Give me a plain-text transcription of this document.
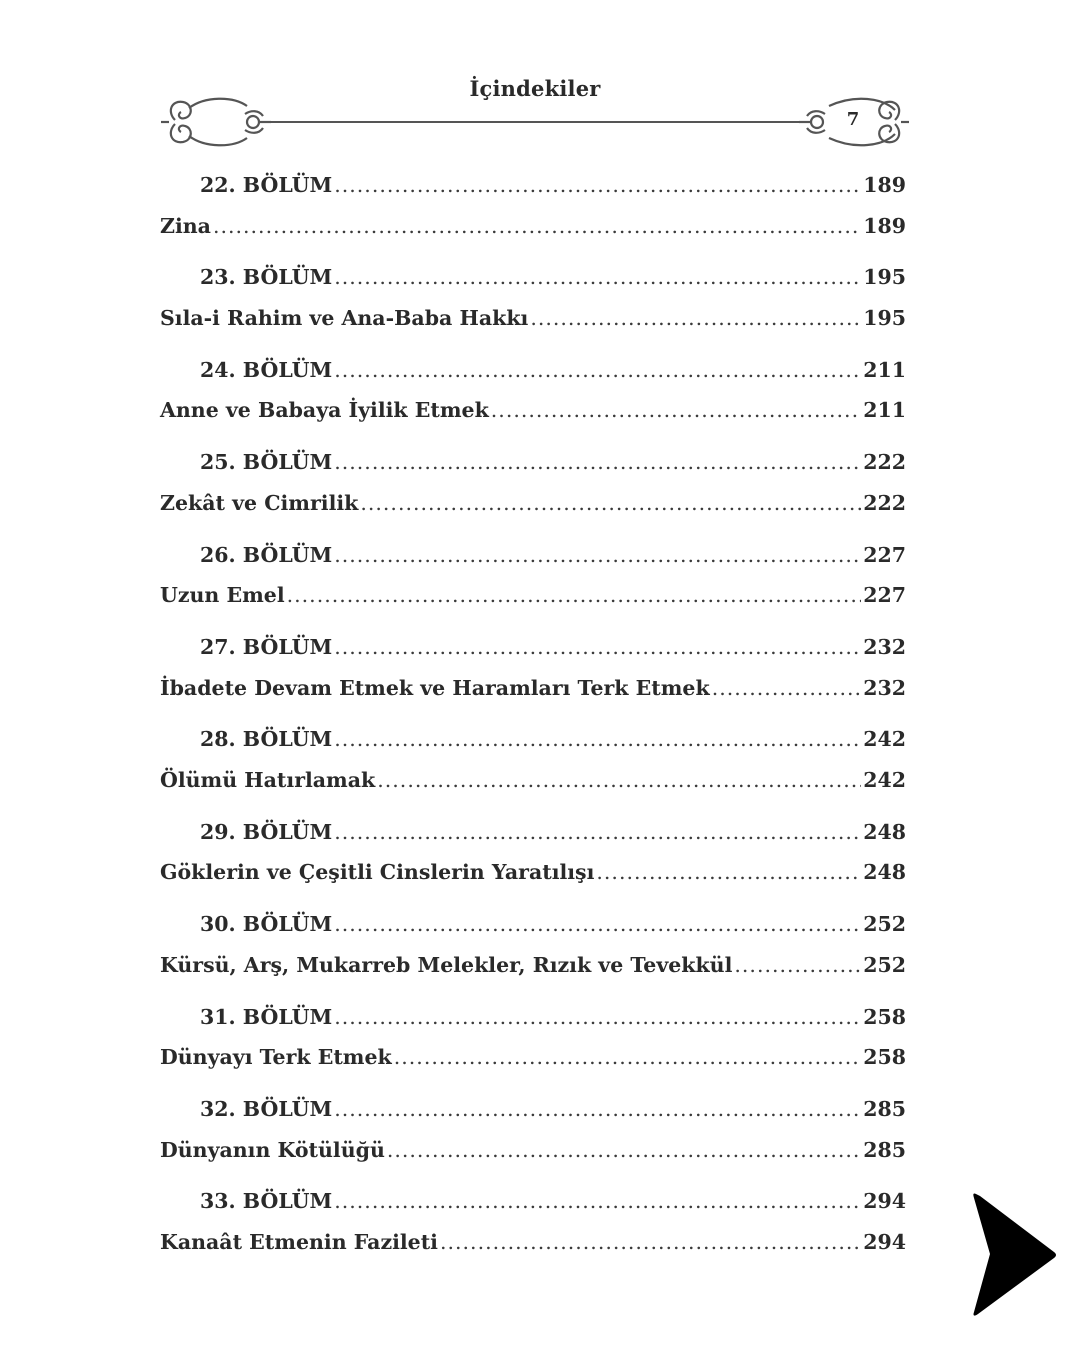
İçindekiler
7
22. BÖLÜM .....	189
Zina .....	189
23. BÖLÜM .....	195
Sıla-i Rahim ve Ana-Baba Hakkı .....	195
24. BÖLÜM .....	211
Anne ve Babaya İyilik Etmek .....	211
25. BÖLÜM .....	222
Zekât ve Cimrilik .....	222
26. BÖLÜM .....	227
Uzun Emel .....	227
27. BÖLÜM .....	232
İbadete Devam Etmek ve Haramları Terk Etmek .....	232
28. BÖLÜM .....	242
Ölümü Hatırlamak .....	242
29. BÖLÜM .....	248
Göklerin ve Çeşitli Cinslerin Yaratılışı .....	248
30. BÖLÜM .....	252
Kürsü, Arş, Mukarreb Melekler, Rızık ve Tevekkül .....	252
31. BÖLÜM .....	258
Dünyayı Terk Etmek .....	258
32. BÖLÜM .....	285
Dünyanın Kötülüğü .....	285
33. BÖLÜM .....	294
Kanaât Etmenin Fazileti .....	294
